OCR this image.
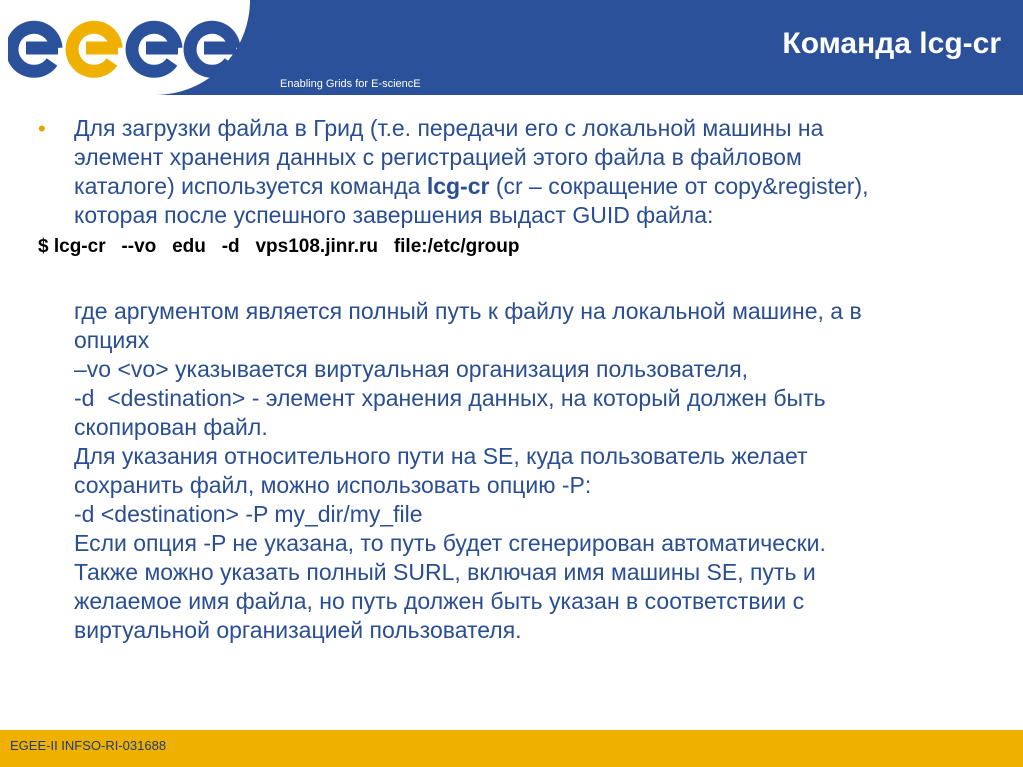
Команда lcg-cr
Enabling Grids for E-sciencE
• Для загрузки файла в Грид (т.е. передачи его с локальной машины на
элемент хранения данных с регистрацией этого файла в файловом
каталоге) используется команда lcg-cr (cr – сокращение от copy&register),
которая после успешного завершения выдаст GUID файла:
$ lcg-cr   --vo   edu   -d   vps108.jinr.ru   file:/etc/group
где аргументом является полный путь к файлу на локальной машине, а в
опциях
–vo <vo> указывается виртуальная организация пользователя,
-d  <destination> - элемент хранения данных, на который должен быть
скопирован файл.
Для указания относительного пути на SE, куда пользователь желает
сохранить файл, можно использовать опцию -P:
-d <destination> -P my_dir/my_file
Если опция -P не указана, то путь будет сгенерирован автоматически.
Также можно указать полный SURL, включая имя машины SE, путь и
желаемое имя файла, но путь должен быть указан в соответствии с
виртуальной организацией пользователя.
EGEE-II INFSO-RI-031688
